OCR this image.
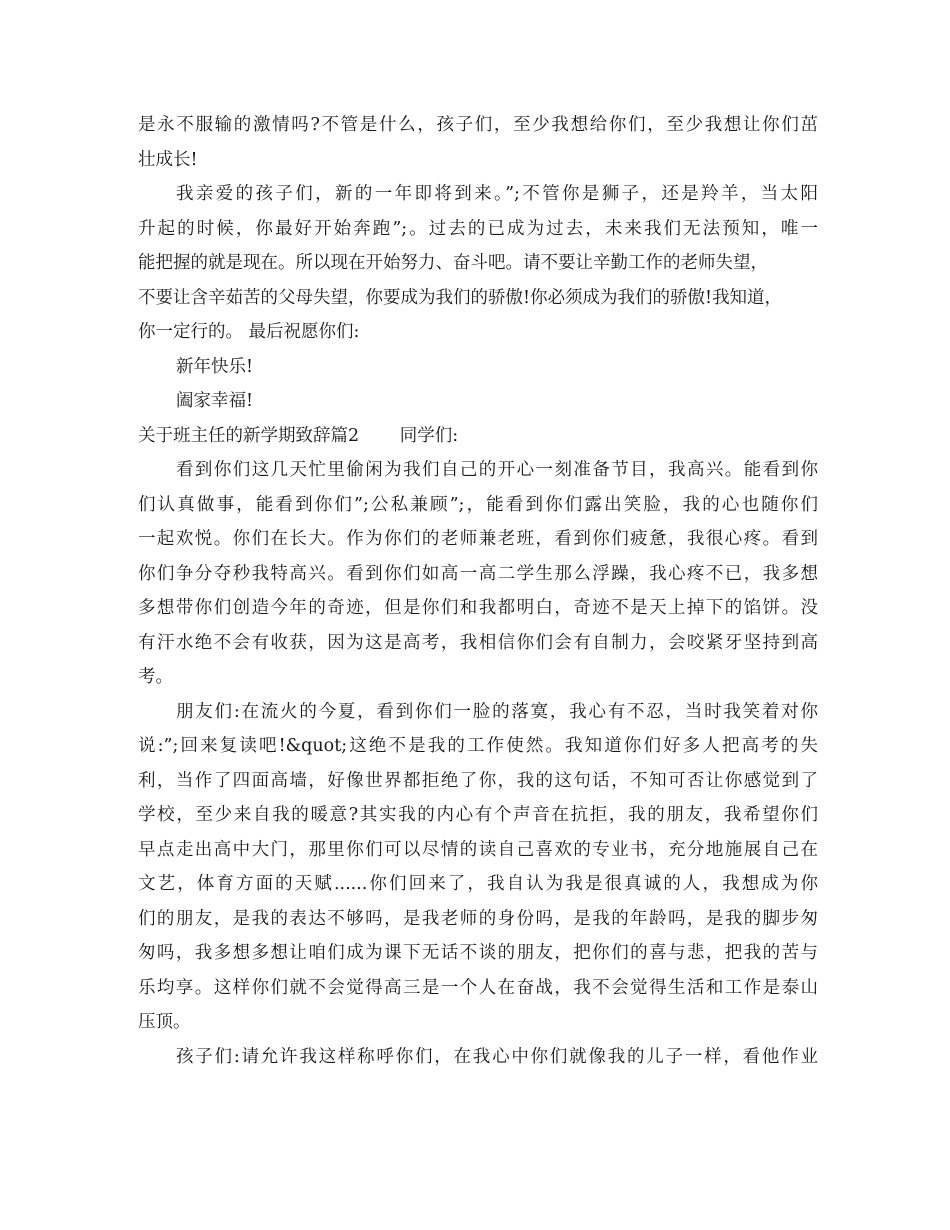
是永不服输的激情吗?不管是什么，孩子们，至少我想给你们，至少我想让你们茁
壮成长!
我亲爱的孩子们，新的一年即将到来。”;不管你是狮子，还是羚羊，当太阳
升起的时候，你最好开始奔跑”;。过去的已成为过去，未来我们无法预知，唯一
能把握的就是现在。所以现在开始努力、奋斗吧。请不要让辛勤工作的老师失望，
不要让含辛茹苦的父母失望，你要成为我们的骄傲!你必须成为我们的骄傲!我知道，
你一定行的。 最后祝愿你们:
新年快乐!
阖家幸福!
关于班主任的新学期致辞篇2 　　同学们:
看到你们这几天忙里偷闲为我们自己的开心一刻准备节目，我高兴。能看到你
们认真做事，能看到你们”;公私兼顾”;，能看到你们露出笑脸，我的心也随你们
一起欢悦。你们在长大。作为你们的老师兼老班，看到你们疲惫，我很心疼。看到
你们争分夺秒我特高兴。看到你们如高一高二学生那么浮躁，我心疼不已，我多想
多想带你们创造今年的奇迹，但是你们和我都明白，奇迹不是天上掉下的馅饼。没
有汗水绝不会有收获，因为这是高考，我相信你们会有自制力，会咬紧牙坚持到高
考。
朋友们:在流火的今夏，看到你们一脸的落寞，我心有不忍，当时我笑着对你
说:”;回来复读吧!&quot;这绝不是我的工作使然。我知道你们好多人把高考的失
利，当作了四面高墙，好像世界都拒绝了你，我的这句话，不知可否让你感觉到了
学校，至少来自我的暖意?其实我的内心有个声音在抗拒，我的朋友，我希望你们
早点走出高中大门，那里你们可以尽情的读自己喜欢的专业书，充分地施展自己在
文艺，体育方面的天赋......你们回来了，我自认为我是很真诚的人，我想成为你
们的朋友，是我的表达不够吗，是我老师的身份吗，是我的年龄吗，是我的脚步匆
匆吗，我多想多想让咱们成为课下无话不谈的朋友，把你们的喜与悲，把我的苦与
乐均享。这样你们就不会觉得高三是一个人在奋战，我不会觉得生活和工作是泰山
压顶。
孩子们:请允许我这样称呼你们，在我心中你们就像我的儿子一样，看他作业
